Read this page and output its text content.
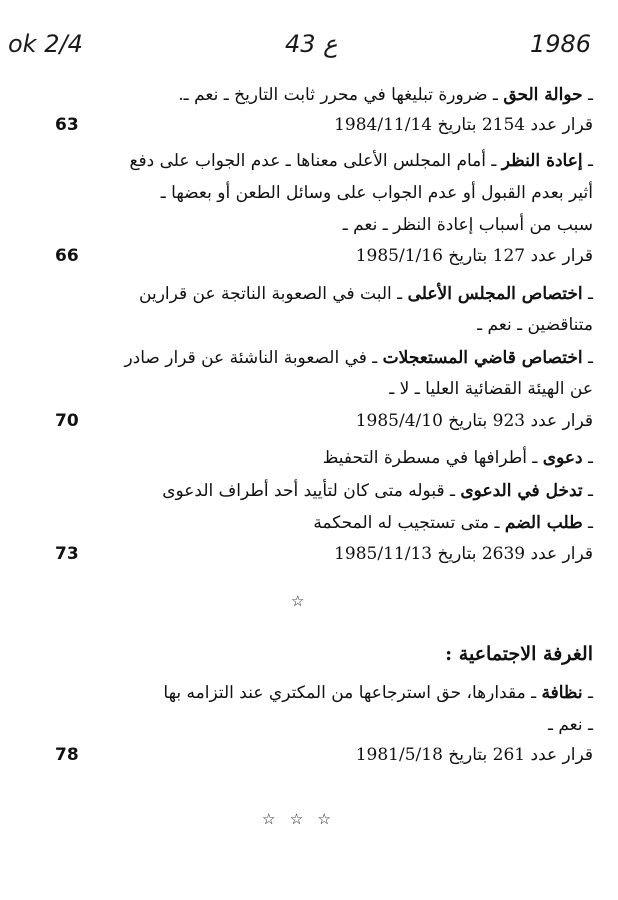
ok 2/4	ع 43	1986
ـ حوالة الحق ـ ضرورة تبليغها في محرر ثابت التاريخ ـ نعم ـ.
قرار عدد 2154 بتاريخ 1984/11/14
63
ـ إعادة النظر ـ أمام المجلس الأعلى معناها ـ عدم الجواب على دفع
أثير بعدم القبول أو عدم الجواب على وسائل الطعن أو بعضها ـ
سبب من أسباب إعادة النظر ـ نعم ـ
قرار عدد 127 بتاريخ 1985/1/16
66
ـ اختصاص المجلس الأعلى ـ البت في الصعوبة الناتجة عن قرارين
متناقضين ـ نعم ـ
ـ اختصاص قاضي المستعجلات ـ في الصعوبة الناشئة عن قرار صادر
عن الهيئة القضائية العليا ـ لا ـ
قرار عدد 923 بتاريخ 1985/4/10
70
ـ دعوى ـ أطرافها في مسطرة التحفيظ
ـ تدخل في الدعوى ـ قبوله متى كان لتأييد أحد أطراف الدعوى
ـ طلب الضم ـ متى تستجيب له المحكمة
قرار عدد 2639 بتاريخ 1985/11/13
73
☆
الغرفة الاجتماعية :
ـ نظافة ـ مقدارها، حق استرجاعها من المكتري عند التزامه بها
ـ نعم ـ
قرار عدد 261 بتاريخ 1981/5/18
78
☆   ☆   ☆
